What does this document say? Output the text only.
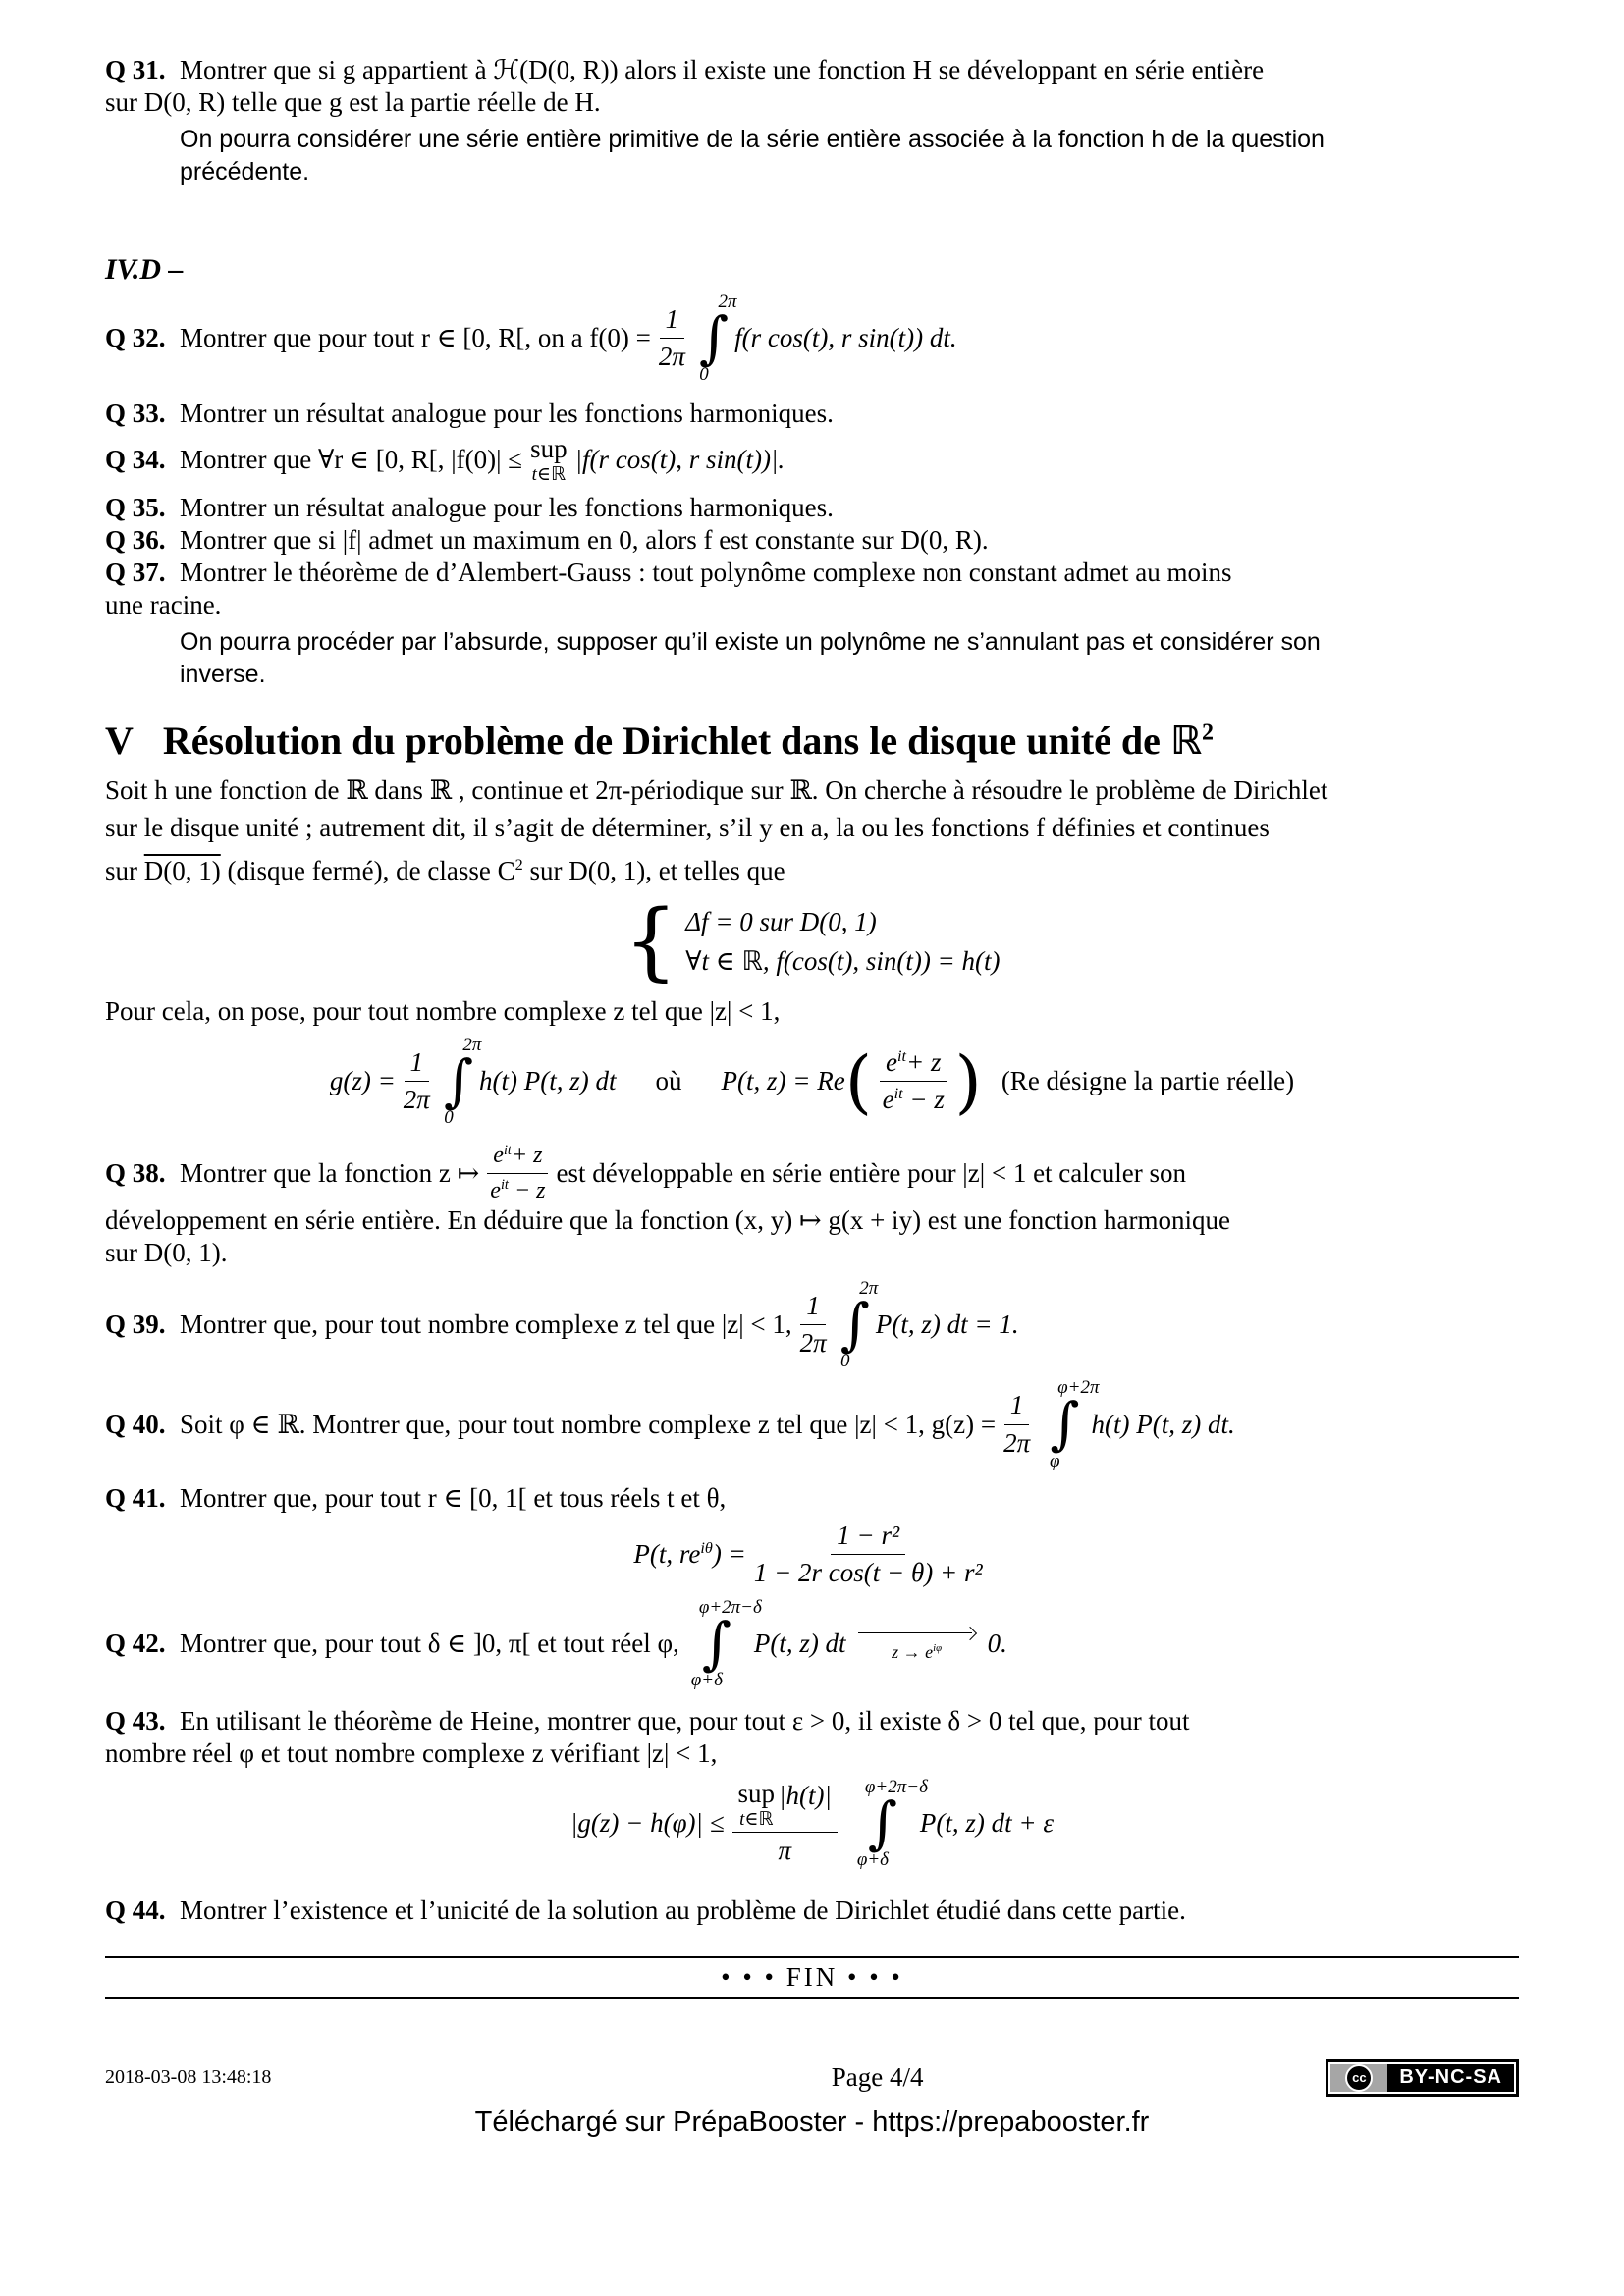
Q 31. Montrer que si g appartient à ℋ(D(0, R)) alors il existe une fonction H se développant en série entière
sur D(0, R) telle que g est la partie réelle de H.
On pourra considérer une série entière primitive de la série entière associée à la fonction h de la question
précédente.
IV.D –
Q 32. Montrer que pour tout r ∈ [0, R[, on a $f(0) = \frac{1}{2\pi}$
2π
∫
0
f(r cos(t), r sin(t)) dt.
Q 33. Montrer un résultat analogue pour les fonctions harmoniques.
Q 34. Montrer que ∀r ∈ [0, R[, |f(0)| ≤ sup
t∈ℝ
|f(r cos(t), r sin(t))|.
Q 35. Montrer un résultat analogue pour les fonctions harmoniques.
Q 36. Montrer que si |f| admet un maximum en 0, alors f est constante sur D(0, R).
Q 37. Montrer le théorème de d’Alembert-Gauss : tout polynôme complexe non constant admet au moins
une racine.
On pourra procéder par l’absurde, supposer qu’il existe un polynôme ne s’annulant pas et considérer son
inverse.
V Résolution du problème de Dirichlet dans le disque unité de ℝ$^2$
Soit h une fonction de ℝ dans ℝ , continue et 2π-périodique sur ℝ. On cherche à résoudre le problème de Dirichlet
sur le disque unité ; autrement dit, il s’agit de déterminer, s’il y en a, la ou les fonctions f définies et continues
sur D(0, 1) (disque fermé), de classe $C^2$ sur D(0, 1), et telles que
{
Δf = 0 sur D(0, 1)
∀t ∈ ℝ, f(cos(t), sin(t)) = h(t)
Pour cela, on pose, pour tout nombre complexe z tel que |z| < 1,
$g(z) = \frac{1}{2\pi}$
2π
∫
0
h(t) P(t, z) dt où P(t, z) = Re ( $\frac{e^{it} + z}{e^{it} - z}$ ) (Re désigne la partie réelle)
Q 38. Montrer que la fonction z ↦ $\frac{e^{it} + z}{e^{it} - z}$ est développable en série entière pour |z| < 1 et calculer son
développement en série entière. En déduire que la fonction (x, y) ↦ g(x + iy) est une fonction harmonique
sur D(0, 1).
Q 39. Montrer que, pour tout nombre complexe z tel que |z| < 1, $\frac{1}{2\pi}$
2π
∫
0
P(t, z) dt = 1.
Q 40. Soit φ ∈ ℝ. Montrer que, pour tout nombre complexe z tel que |z| < 1, $g(z) = \frac{1}{2\pi}$
φ+2π
∫
φ
h(t) P(t, z) dt.
Q 41. Montrer que, pour tout r ∈ [0, 1[ et tous réels t et θ,
P(t, $re^{i\theta}) = \frac{\text{1 − r²}}{\text{1 − 2r cos(t − θ) + r²}}$
Q 42. Montrer que, pour tout δ ∈ ]0, π[ et tout réel φ,
φ+2π−δ
∫
φ+δ
P(t, z) dt	$z \to e^{i\varphi}$ 0.
Q 43. En utilisant le théorème de Heine, montrer que, pour tout ε > 0, il existe δ > 0 tel que, pour tout
nombre réel φ et tout nombre complexe z vérifiant |z| < 1,
|g(z) − h(φ)| ≤ sup
t∈ℝ
|h(t)|
π φ+2π−δ
∫
φ+δ
P(t, z) dt + ε
Q 44. Montrer l’existence et l’unicité de la solution au problème de Dirichlet étudié dans cette partie.
• • • FIN • • •
2018-03-08 13:48:18	Page 4/4	cc	BY-NC-SA
Téléchargé sur PrépaBooster - https://prepabooster.fr
